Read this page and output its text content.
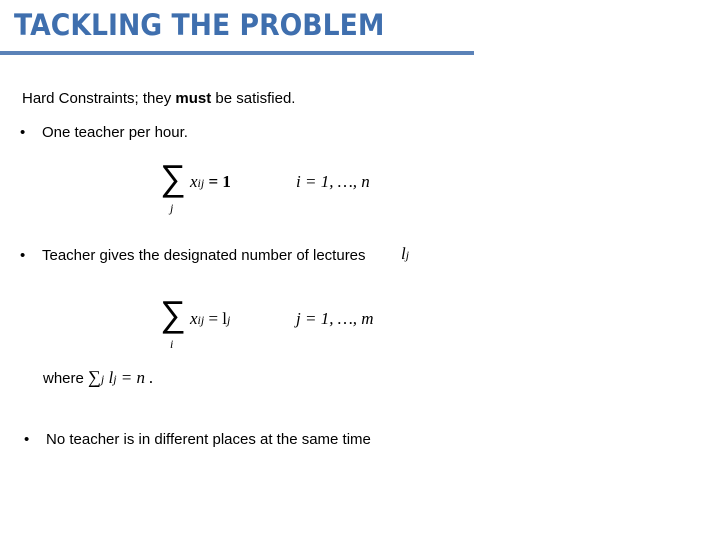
TACKLING THE PROBLEM
Hard Constraints; they must be satisfied.
• One teacher per hour.
∑
j
xij = 1	i = 1, …, n
• Teacher gives the designated number of lectures lj
∑
i
xij = lj	j = 1, …, m
where ∑j lj = n .
• No teacher is in different places at the same time
